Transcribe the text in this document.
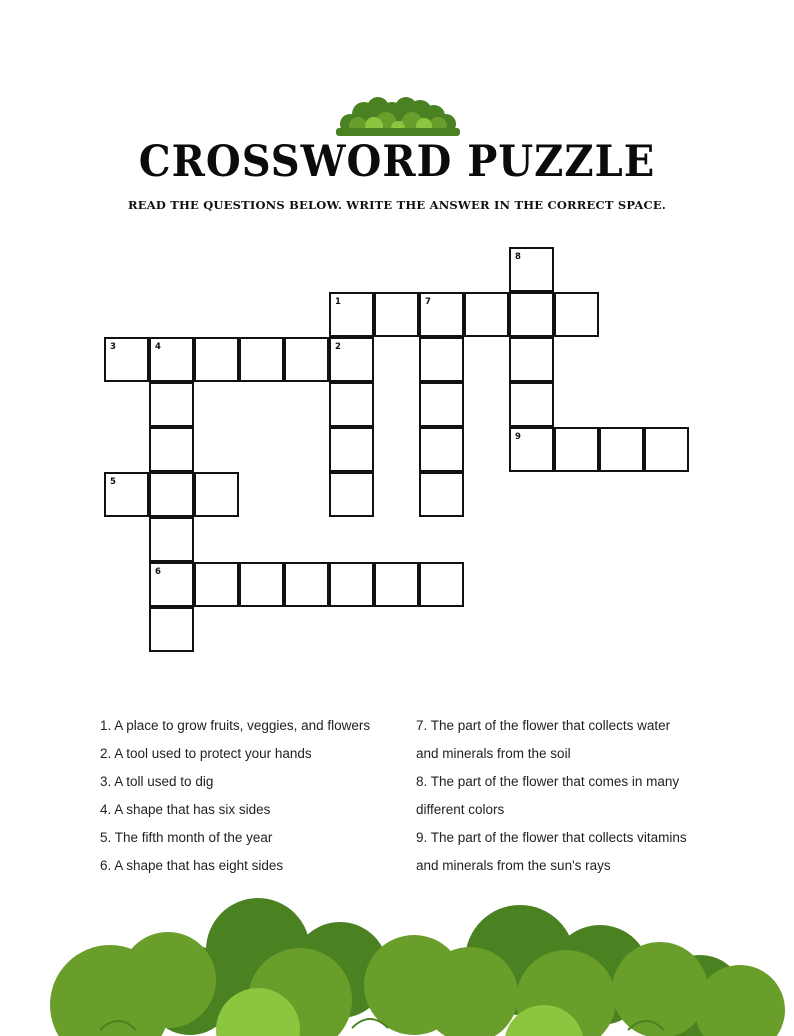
CROSSWORD PUZZLE
READ THE QUESTIONS BELOW. WRITE THE ANSWER IN THE CORRECT SPACE.
8
1	7
3	4	2
9
5
6
1. A place to grow fruits, veggies, and flowers
2. A tool used to protect your hands
3. A toll used to dig
4. A shape that has six sides
5. The fifth month of the year
6. A shape that has eight sides
7. The part of the flower that collects water
and minerals from the soil
8. The part of the flower that comes in many
different colors
9. The part of the flower that collects vitamins
and minerals from the sun's rays
